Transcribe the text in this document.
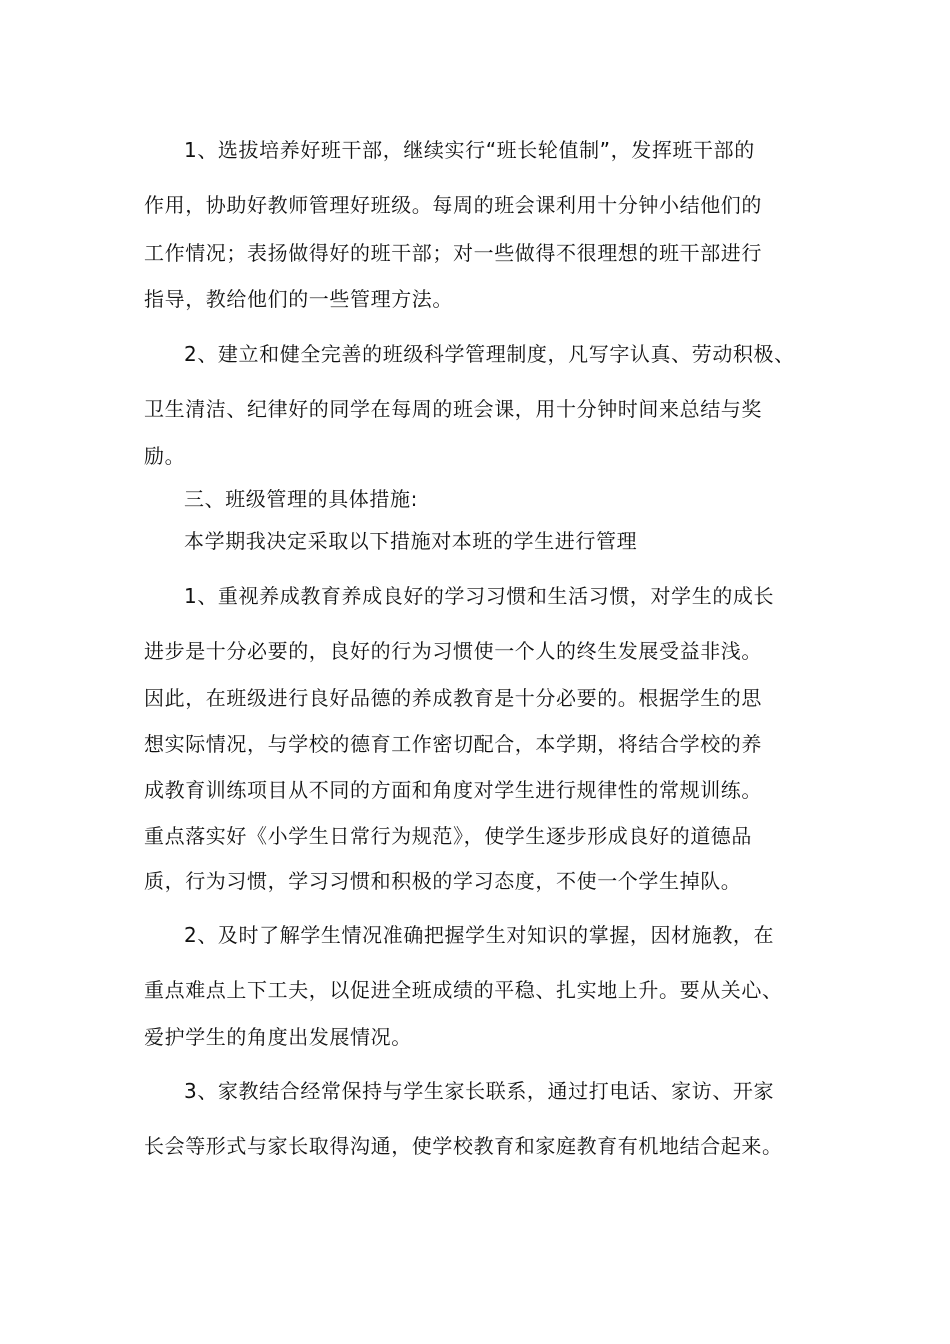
1、选拔培养好班干部，继续实行“班长轮值制”，发挥班干部的
作用，协助好教师管理好班级。每周的班会课利用十分钟小结他们的
工作情况；表扬做得好的班干部；对一些做得不很理想的班干部进行
指导，教给他们的一些管理方法。
2、建立和健全完善的班级科学管理制度，凡写字认真、劳动积极、
卫生清洁、纪律好的同学在每周的班会课，用十分钟时间来总结与奖
励。
三、班级管理的具体措施:
本学期我决定采取以下措施对本班的学生进行管理
1、重视养成教育养成良好的学习习惯和生活习惯，对学生的成长
进步是十分必要的，良好的行为习惯使一个人的终生发展受益非浅。
因此，在班级进行良好品德的养成教育是十分必要的。根据学生的思
想实际情况，与学校的德育工作密切配合，本学期，将结合学校的养
成教育训练项目从不同的方面和角度对学生进行规律性的常规训练。
重点落实好《小学生日常行为规范》，使学生逐步形成良好的道德品
质，行为习惯，学习习惯和积极的学习态度，不使一个学生掉队。
2、及时了解学生情况准确把握学生对知识的掌握，因材施教，在
重点难点上下工夫，以促进全班成绩的平稳、扎实地上升。要从关心、
爱护学生的角度出发展情况。
3、家教结合经常保持与学生家长联系，通过打电话、家访、开家
长会等形式与家长取得沟通，使学校教育和家庭教育有机地结合起来。
